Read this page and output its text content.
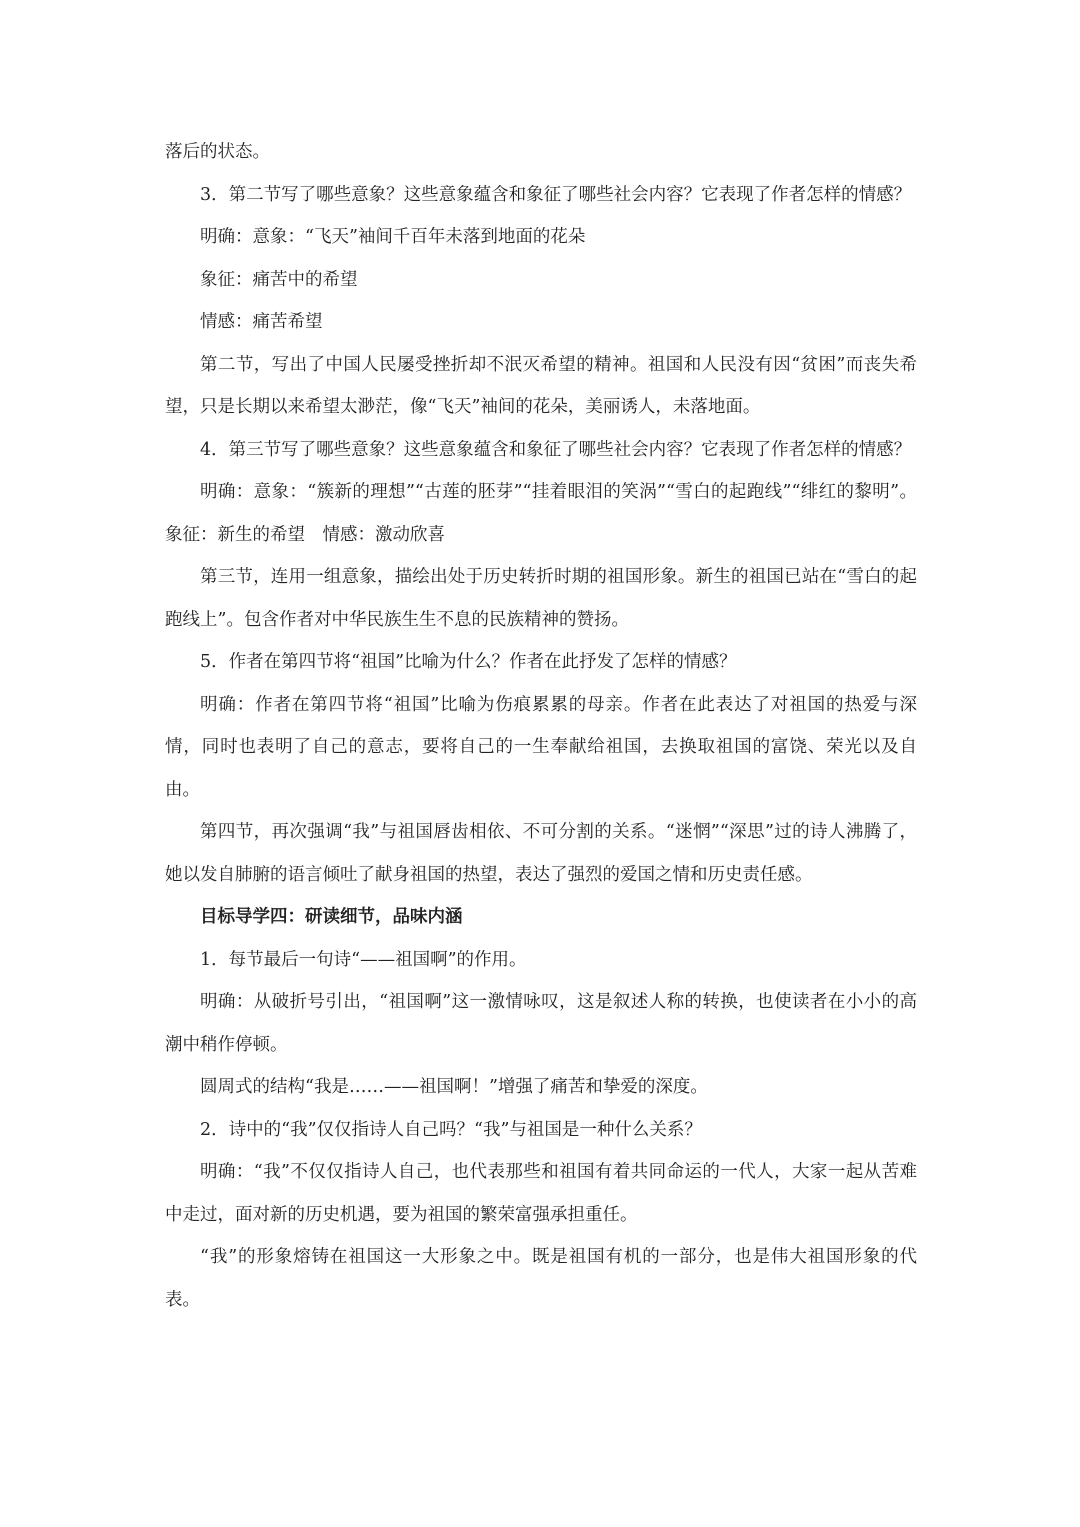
落后的状态。

3．第二节写了哪些意象？这些意象蕴含和象征了哪些社会内容？它表现了作者怎样的情感？

明确：意象：“飞天”袖间千百年未落到地面的花朵

象征：痛苦中的希望

情感：痛苦希望

第二节，写出了中国人民屡受挫折却不泯灭希望的精神。祖国和人民没有因“贫困”而丧失希望，只是长期以来希望太渺茫，像“飞天”袖间的花朵，美丽诱人，未落地面。

4．第三节写了哪些意象？这些意象蕴含和象征了哪些社会内容？它表现了作者怎样的情感？

明确：意象：“簇新的理想”“古莲的胚芽”“挂着眼泪的笑涡”“雪白的起跑线”“绯红的黎明”。象征：新生的希望　情感：激动欣喜

第三节，连用一组意象，描绘出处于历史转折时期的祖国形象。新生的祖国已站在“雪白的起跑线上”。包含作者对中华民族生生不息的民族精神的赞扬。

5．作者在第四节将“祖国”比喻为什么？作者在此抒发了怎样的情感？

明确：作者在第四节将“祖国”比喻为伤痕累累的母亲。作者在此表达了对祖国的热爱与深情，同时也表明了自己的意志，要将自己的一生奉献给祖国，去换取祖国的富饶、荣光以及自由。

第四节，再次强调“我”与祖国唇齿相依、不可分割的关系。“迷惘”“深思”过的诗人沸腾了，她以发自肺腑的语言倾吐了献身祖国的热望，表达了强烈的爱国之情和历史责任感。

目标导学四：研读细节，品味内涵

1．每节最后一句诗“——祖国啊”的作用。

明确：从破折号引出，“祖国啊”这一激情咏叹，这是叙述人称的转换，也使读者在小小的高潮中稍作停顿。

圆周式的结构“我是……——祖国啊！”增强了痛苦和挚爱的深度。

2．诗中的“我”仅仅指诗人自己吗？“我”与祖国是一种什么关系？

明确：“我”不仅仅指诗人自己，也代表那些和祖国有着共同命运的一代人，大家一起从苦难中走过，面对新的历史机遇，要为祖国的繁荣富强承担重任。

“我”的形象熔铸在祖国这一大形象之中。既是祖国有机的一部分，也是伟大祖国形象的代表。
